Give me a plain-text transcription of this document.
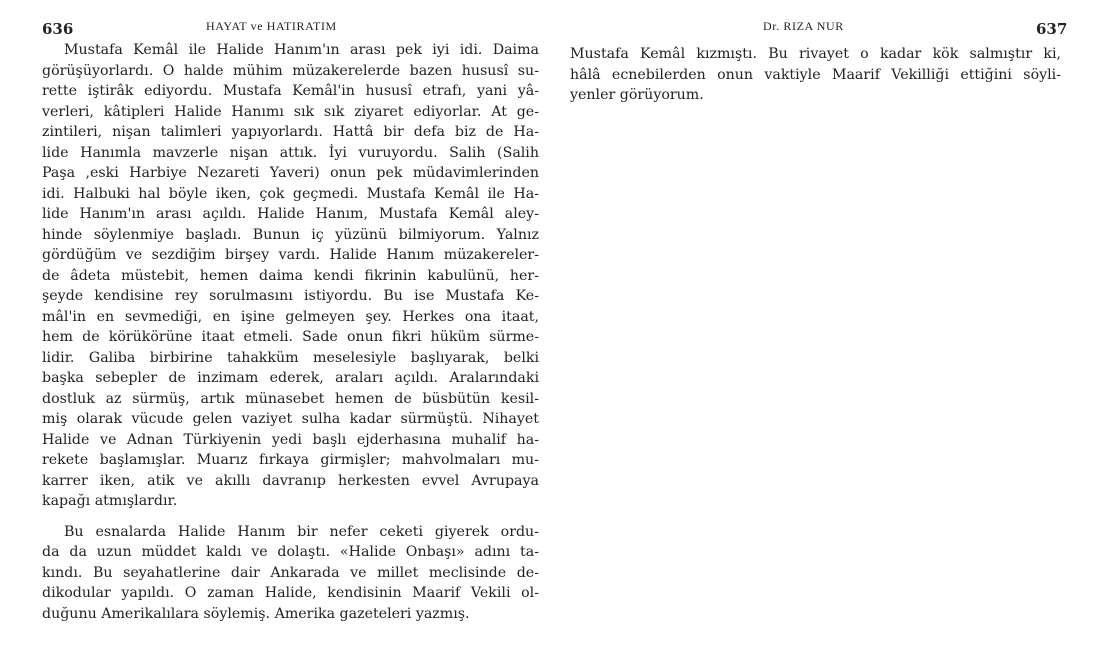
636	HAYAT ve HATIRATIM	Dr. RIZA NUR	637
Mustafa Kemâl ile Halide Hanım'ın arası pek iyi idi. Daima
görüşüyorlardı. O halde mühim müzakerelerde bazen hususî su-
rette iştirâk ediyordu. Mustafa Kemâl'in hususî etrafı, yani yâ-
verleri, kâtipleri Halide Hanımı sık sık ziyaret ediyorlar. At ge-
zintileri, nişan talimleri yapıyorlardı. Hattâ bir defa biz de Ha-
lide Hanımla mavzerle nişan attık. İyi vuruyordu. Salih (Salih
Paşa ,eski Harbiye Nezareti Yaveri) onun pek müdavimlerinden
idi. Halbuki hal böyle iken, çok geçmedi. Mustafa Kemâl ile Ha-
lide Hanım'ın arası açıldı. Halide Hanım, Mustafa Kemâl aley-
hinde söylenmiye başladı. Bunun iç yüzünü bilmiyorum. Yalnız
gördüğüm ve sezdiğim birşey vardı. Halide Hanım müzakereler-
de âdeta müstebit, hemen daima kendi fikrinin kabulünü, her-
şeyde kendisine rey sorulmasını istiyordu. Bu ise Mustafa Ke-
mâl'in en sevmediği, en işine gelmeyen şey. Herkes ona itaat,
hem de körükörüne itaat etmeli. Sade onun fikri hüküm sürme-
lidir. Galiba birbirine tahakküm meselesiyle başlıyarak, belki
başka sebepler de inzimam ederek, araları açıldı. Aralarındaki
dostluk az sürmüş, artık münasebet hemen de büsbütün kesil-
miş olarak vücude gelen vaziyet sulha kadar sürmüştü. Nihayet
Halide ve Adnan Türkiyenin yedi başlı ejderhasına muhalif ha-
rekete başlamışlar. Muarız fırkaya girmişler; mahvolmaları mu-
karrer iken, atik ve akıllı davranıp herkesten evvel Avrupaya
kapağı atmışlardır.
Bu esnalarda Halide Hanım bir nefer ceketi giyerek ordu-
da da uzun müddet kaldı ve dolaştı. «Halide Onbaşı» adını ta-
kındı. Bu seyahatlerine dair Ankarada ve millet meclisinde de-
dikodular yapıldı. O zaman Halide, kendisinin Maarif Vekili ol-
duğunu Amerikalılara söylemiş. Amerika gazeteleri yazmış.
Mustafa Kemâl kızmıştı. Bu rivayet o kadar kök salmıştır ki,
hâlâ ecnebilerden onun vaktiyle Maarif Vekilliği ettiğini söyli-
yenler görüyorum.
